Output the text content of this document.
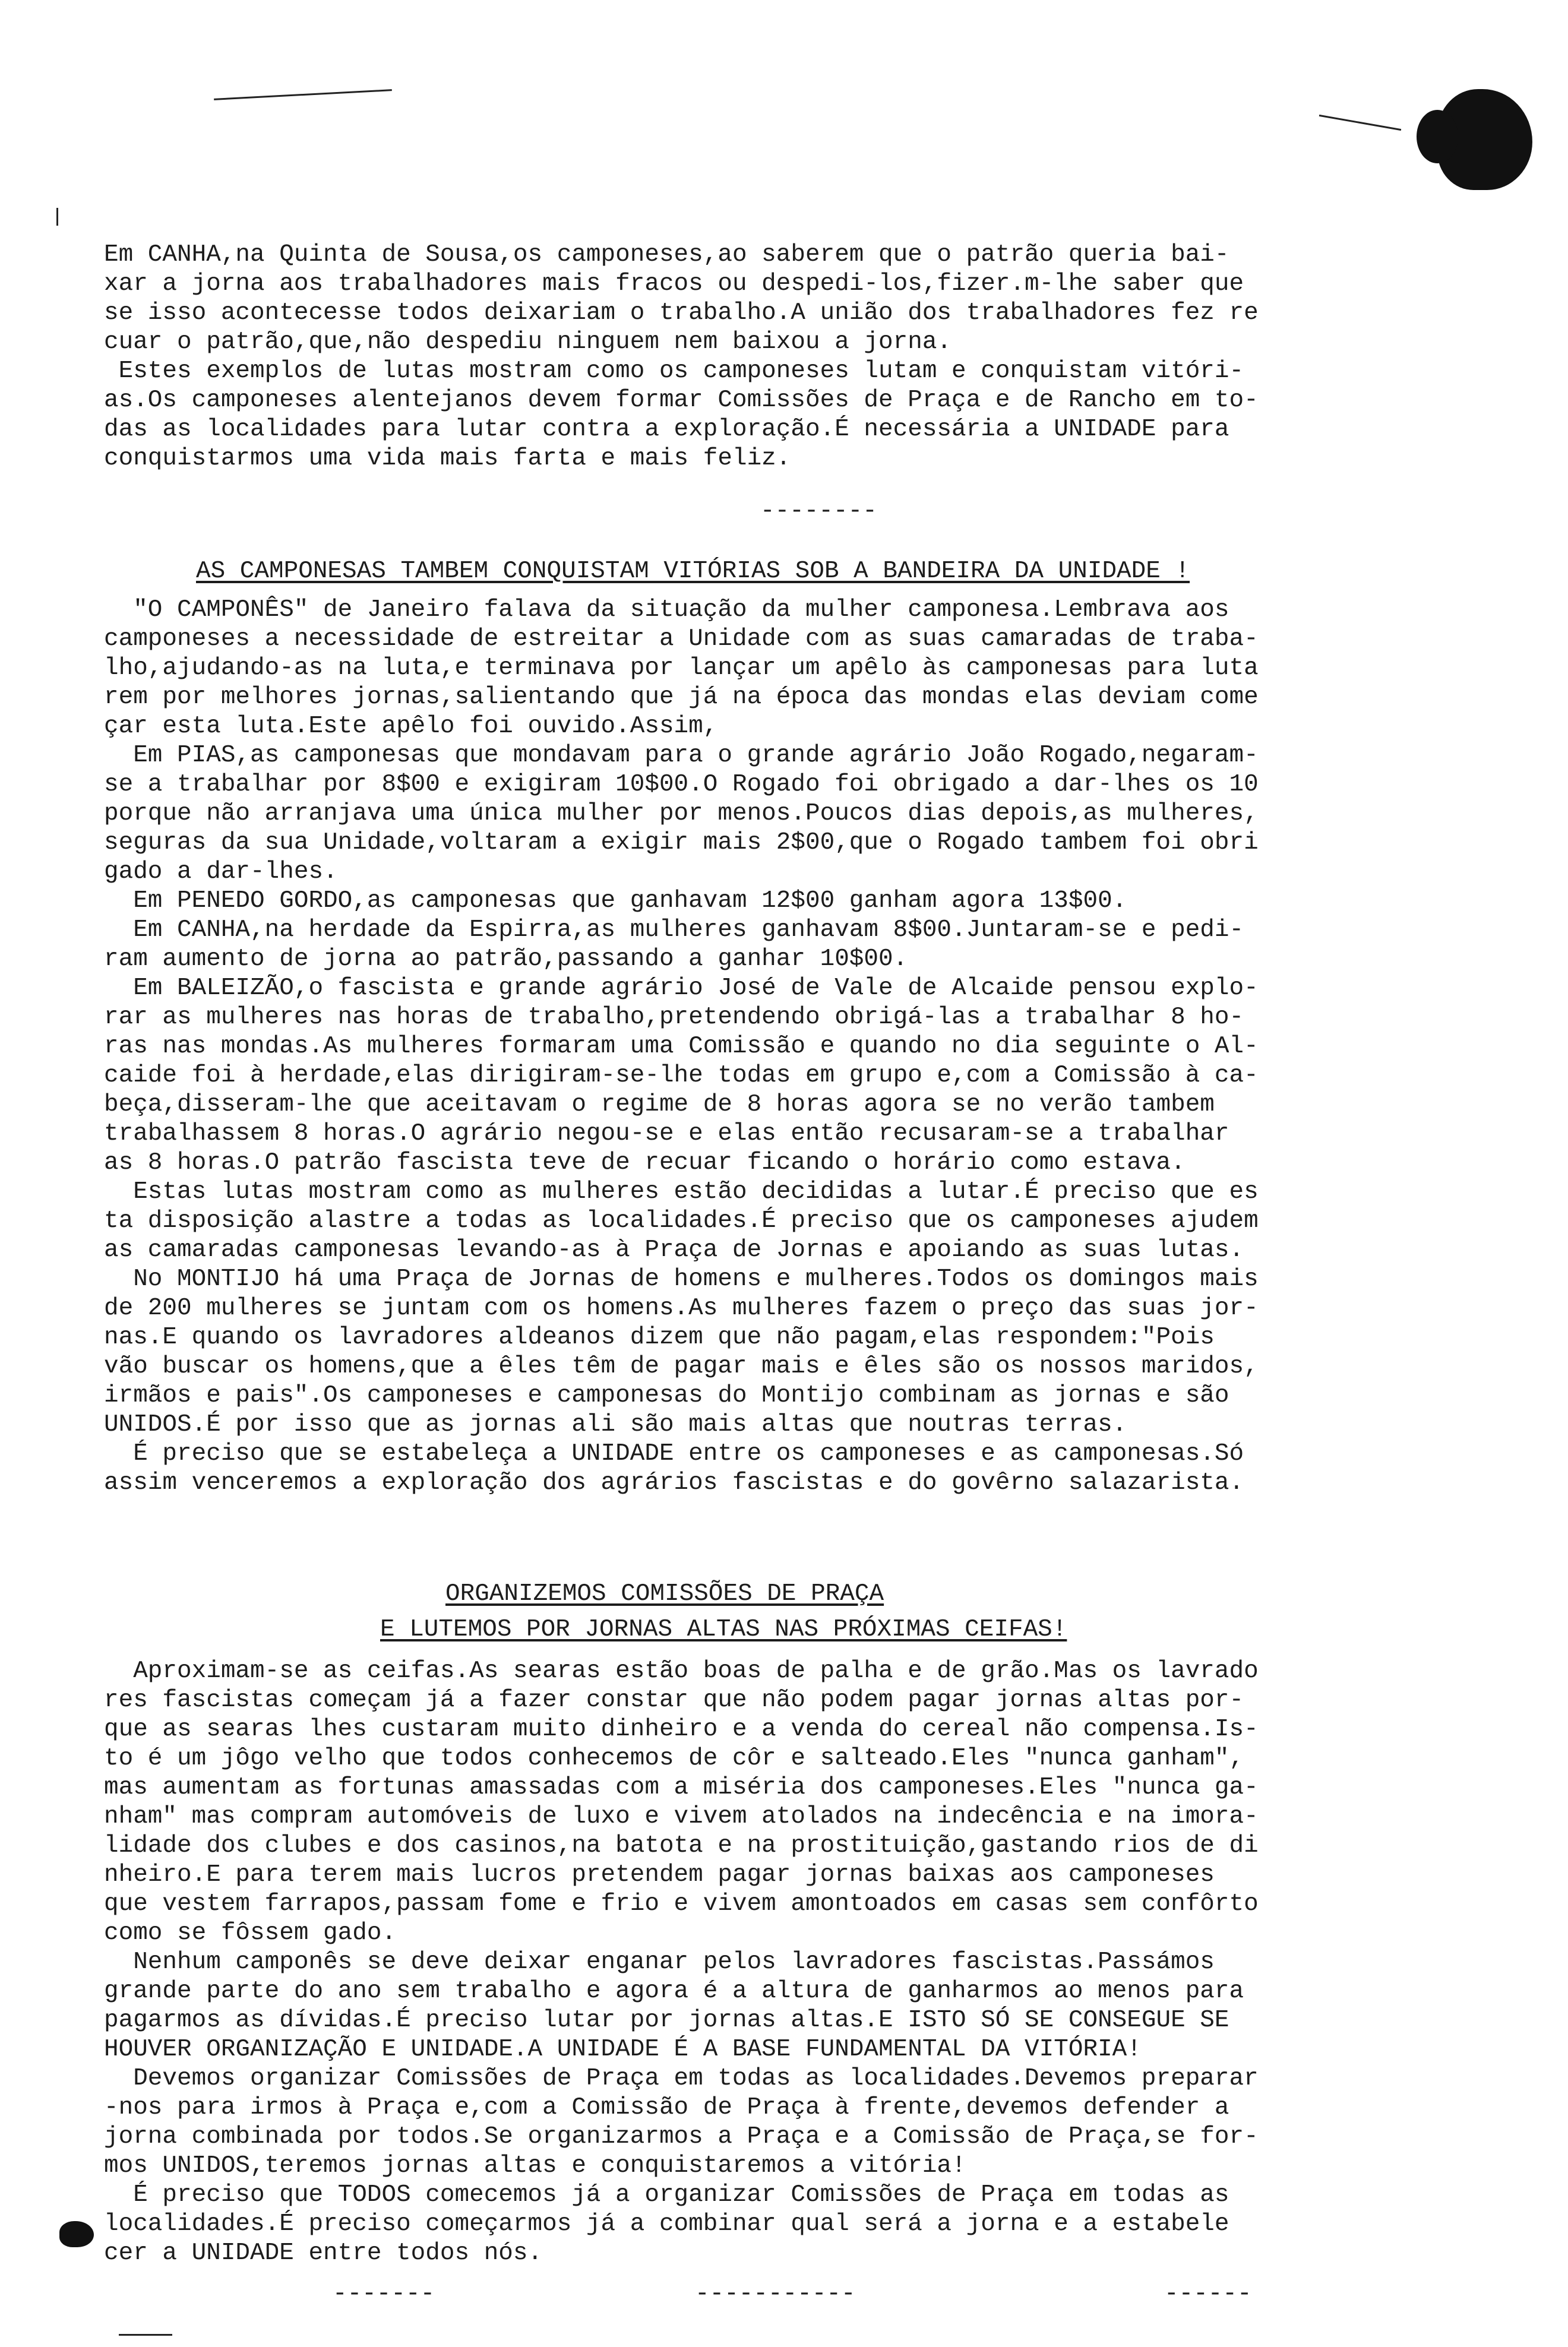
Em CANHA,na Quinta de Sousa,os camponeses,ao saberem que o patrão queria bai-
xar a jorna aos trabalhadores mais fracos ou despedi-los,fizer.m-lhe saber que
se isso acontecesse todos deixariam o trabalho.A união dos trabalhadores fez re
cuar o patrão,que,não despediu ninguem nem baixou a jorna.
Estes exemplos de lutas mostram como os camponeses lutam e conquistam vitóri-
as.Os camponeses alentejanos devem formar Comissões de Praça e de Rancho em to-
das as localidades para lutar contra a exploração.É necessária a UNIDADE para
conquistarmos uma vida mais farta e mais feliz.
--------
AS CAMPONESAS TAMBEM CONQUISTAM VITÓRIAS SOB A BANDEIRA DA UNIDADE !
"O CAMPONÊS" de Janeiro falava da situação da mulher camponesa.Lembrava aos
camponeses a necessidade de estreitar a Unidade com as suas camaradas de traba-
lho,ajudando-as na luta,e terminava por lançar um apêlo às camponesas para luta
rem por melhores jornas,salientando que já na época das mondas elas deviam come
çar esta luta.Este apêlo foi ouvido.Assim,
Em PIAS,as camponesas que mondavam para o grande agrário João Rogado,negaram-
se a trabalhar por 8$00 e exigiram 10$00.O Rogado foi obrigado a dar-lhes os 10
porque não arranjava uma única mulher por menos.Poucos dias depois,as mulheres,
seguras da sua Unidade,voltaram a exigir mais 2$00,que o Rogado tambem foi obri
gado a dar-lhes.
Em PENEDO GORDO,as camponesas que ganhavam 12$00 ganham agora 13$00.
Em CANHA,na herdade da Espirra,as mulheres ganhavam 8$00.Juntaram-se e pedi-
ram aumento de jorna ao patrão,passando a ganhar 10$00.
Em BALEIZÃO,o fascista e grande agrário José de Vale de Alcaide pensou explo-
rar as mulheres nas horas de trabalho,pretendendo obrigá-las a trabalhar 8 ho-
ras nas mondas.As mulheres formaram uma Comissão e quando no dia seguinte o Al-
caide foi à herdade,elas dirigiram-se-lhe todas em grupo e,com a Comissão à ca-
beça,disseram-lhe que aceitavam o regime de 8 horas agora se no verão tambem
trabalhassem 8 horas.O agrário negou-se e elas então recusaram-se a trabalhar
as 8 horas.O patrão fascista teve de recuar ficando o horário como estava.
Estas lutas mostram como as mulheres estão decididas a lutar.É preciso que es
ta disposição alastre a todas as localidades.É preciso que os camponeses ajudem
as camaradas camponesas levando-as à Praça de Jornas e apoiando as suas lutas.
No MONTIJO há uma Praça de Jornas de homens e mulheres.Todos os domingos mais
de 200 mulheres se juntam com os homens.As mulheres fazem o preço das suas jor-
nas.E quando os lavradores aldeanos dizem que não pagam,elas respondem:"Pois
vão buscar os homens,que a êles têm de pagar mais e êles são os nossos maridos,
irmãos e pais".Os camponeses e camponesas do Montijo combinam as jornas e são
UNIDOS.É por isso que as jornas ali são mais altas que noutras terras.
É preciso que se estabeleça a UNIDADE entre os camponeses e as camponesas.Só
assim venceremos a exploração dos agrários fascistas e do govêrno salazarista.
ORGANIZEMOS COMISSÕES DE PRAÇA
E LUTEMOS POR JORNAS ALTAS NAS PRÓXIMAS CEIFAS!
Aproximam-se as ceifas.As searas estão boas de palha e de grão.Mas os lavrado
res fascistas começam já a fazer constar que não podem pagar jornas altas por-
que as searas lhes custaram muito dinheiro e a venda do cereal não compensa.Is-
to é um jôgo velho que todos conhecemos de côr e salteado.Eles "nunca ganham",
mas aumentam as fortunas amassadas com a miséria dos camponeses.Eles "nunca ga-
nham" mas compram automóveis de luxo e vivem atolados na indecência e na imora-
lidade dos clubes e dos casinos,na batota e na prostituição,gastando rios de di
nheiro.E para terem mais lucros pretendem pagar jornas baixas aos camponeses
que vestem farrapos,passam fome e frio e vivem amontoados em casas sem confôrto
como se fôssem gado.
Nenhum camponês se deve deixar enganar pelos lavradores fascistas.Passámos
grande parte do ano sem trabalho e agora é a altura de ganharmos ao menos para
pagarmos as dívidas.É preciso lutar por jornas altas.E ISTO SÓ SE CONSEGUE SE
HOUVER ORGANIZAÇÃO E UNIDADE.A UNIDADE É A BASE FUNDAMENTAL DA VITÓRIA!
Devemos organizar Comissões de Praça em todas as localidades.Devemos preparar
-nos para irmos à Praça e,com a Comissão de Praça à frente,devemos defender a
jorna combinada por todos.Se organizarmos a Praça e a Comissão de Praça,se for-
mos UNIDOS,teremos jornas altas e conquistaremos a vitória!
É preciso que TODOS comecemos já a organizar Comissões de Praça em todas as
localidades.É preciso começarmos já a combinar qual será a jorna e a estabele
cer a UNIDADE entre todos nós.
-------	-----------	------
